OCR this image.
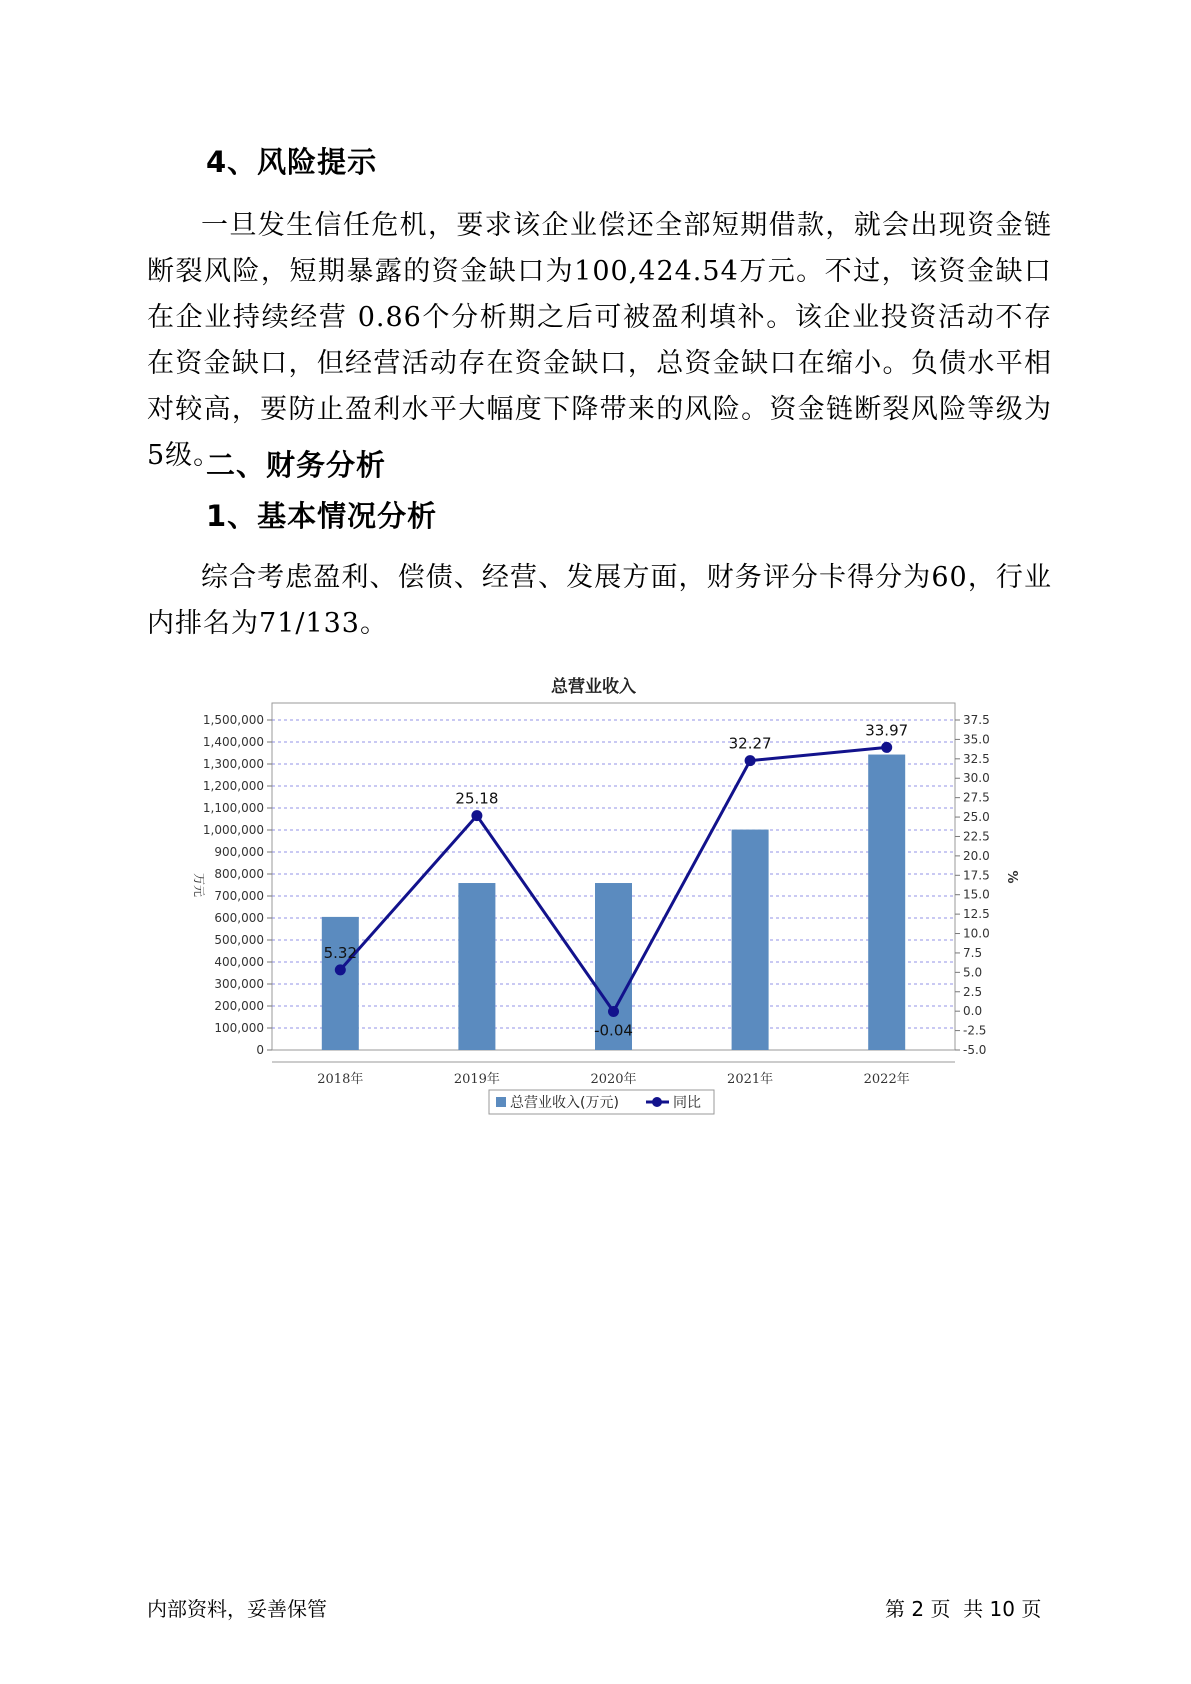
4、风险提示
一旦发生信任危机，要求该企业偿还全部短期借款，就会出现资金链断裂风险，短期暴露的资金缺口为100,424.54万元。不过，该资金缺口在企业持续经营 0.86个分析期之后可被盈利填补。该企业投资活动不存在资金缺口，但经营活动存在资金缺口，总资金缺口在缩小。负债水平相对较高，要防止盈利水平大幅度下降带来的风险。资金链断裂风险等级为5级。
二、财务分析
1、基本情况分析
综合考虑盈利、偿债、经营、发展方面，财务评分卡得分为60，行业内排名为71/133。
总营业收入
0
100,000
200,000
300,000
400,000
500,000
600,000
700,000
800,000
900,000
1,000,000
1,100,000
1,200,000
1,300,000
1,400,000
1,500,000
-5.0
-2.5
0.0
2.5
5.0
7.5
10.0
12.5
15.0
17.5
20.0
22.5
25.0
27.5
30.0
32.5
35.0
37.5
万元	%
2018年	2019年	2020年	2021年	2022年
5.32
25.18
-0.04
32.27
33.97
总营业收入(万元)	同比
内部资料，妥善保管	第 2 页  共 10 页
